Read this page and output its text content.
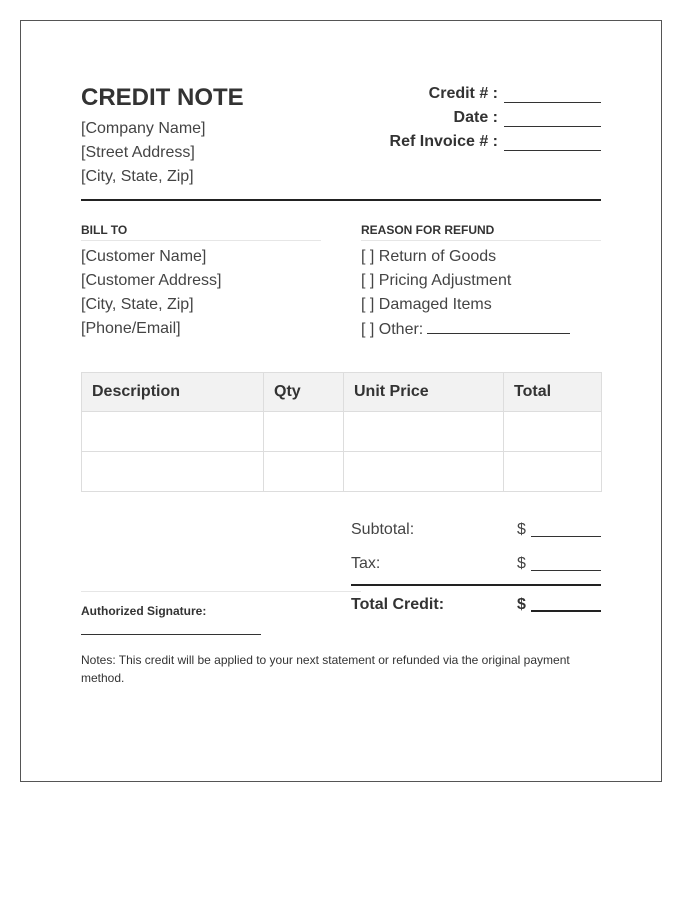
CREDIT NOTE
[Company Name]
[Street Address]
[City, State, Zip]
Credit # :
Date :
Ref Invoice # :
BILL TO
[Customer Name]
[Customer Address]
[City, State, Zip]
[Phone/Email]
REASON FOR REFUND
[ ] Return of Goods
[ ] Pricing Adjustment
[ ] Damaged Items
[ ] Other:
Description	Qty	Unit Price	Total

Subtotal:	$
Tax:	$
Total Credit:	$
Authorized Signature:
Notes: This credit will be applied to your next statement or refunded via the original payment method.
